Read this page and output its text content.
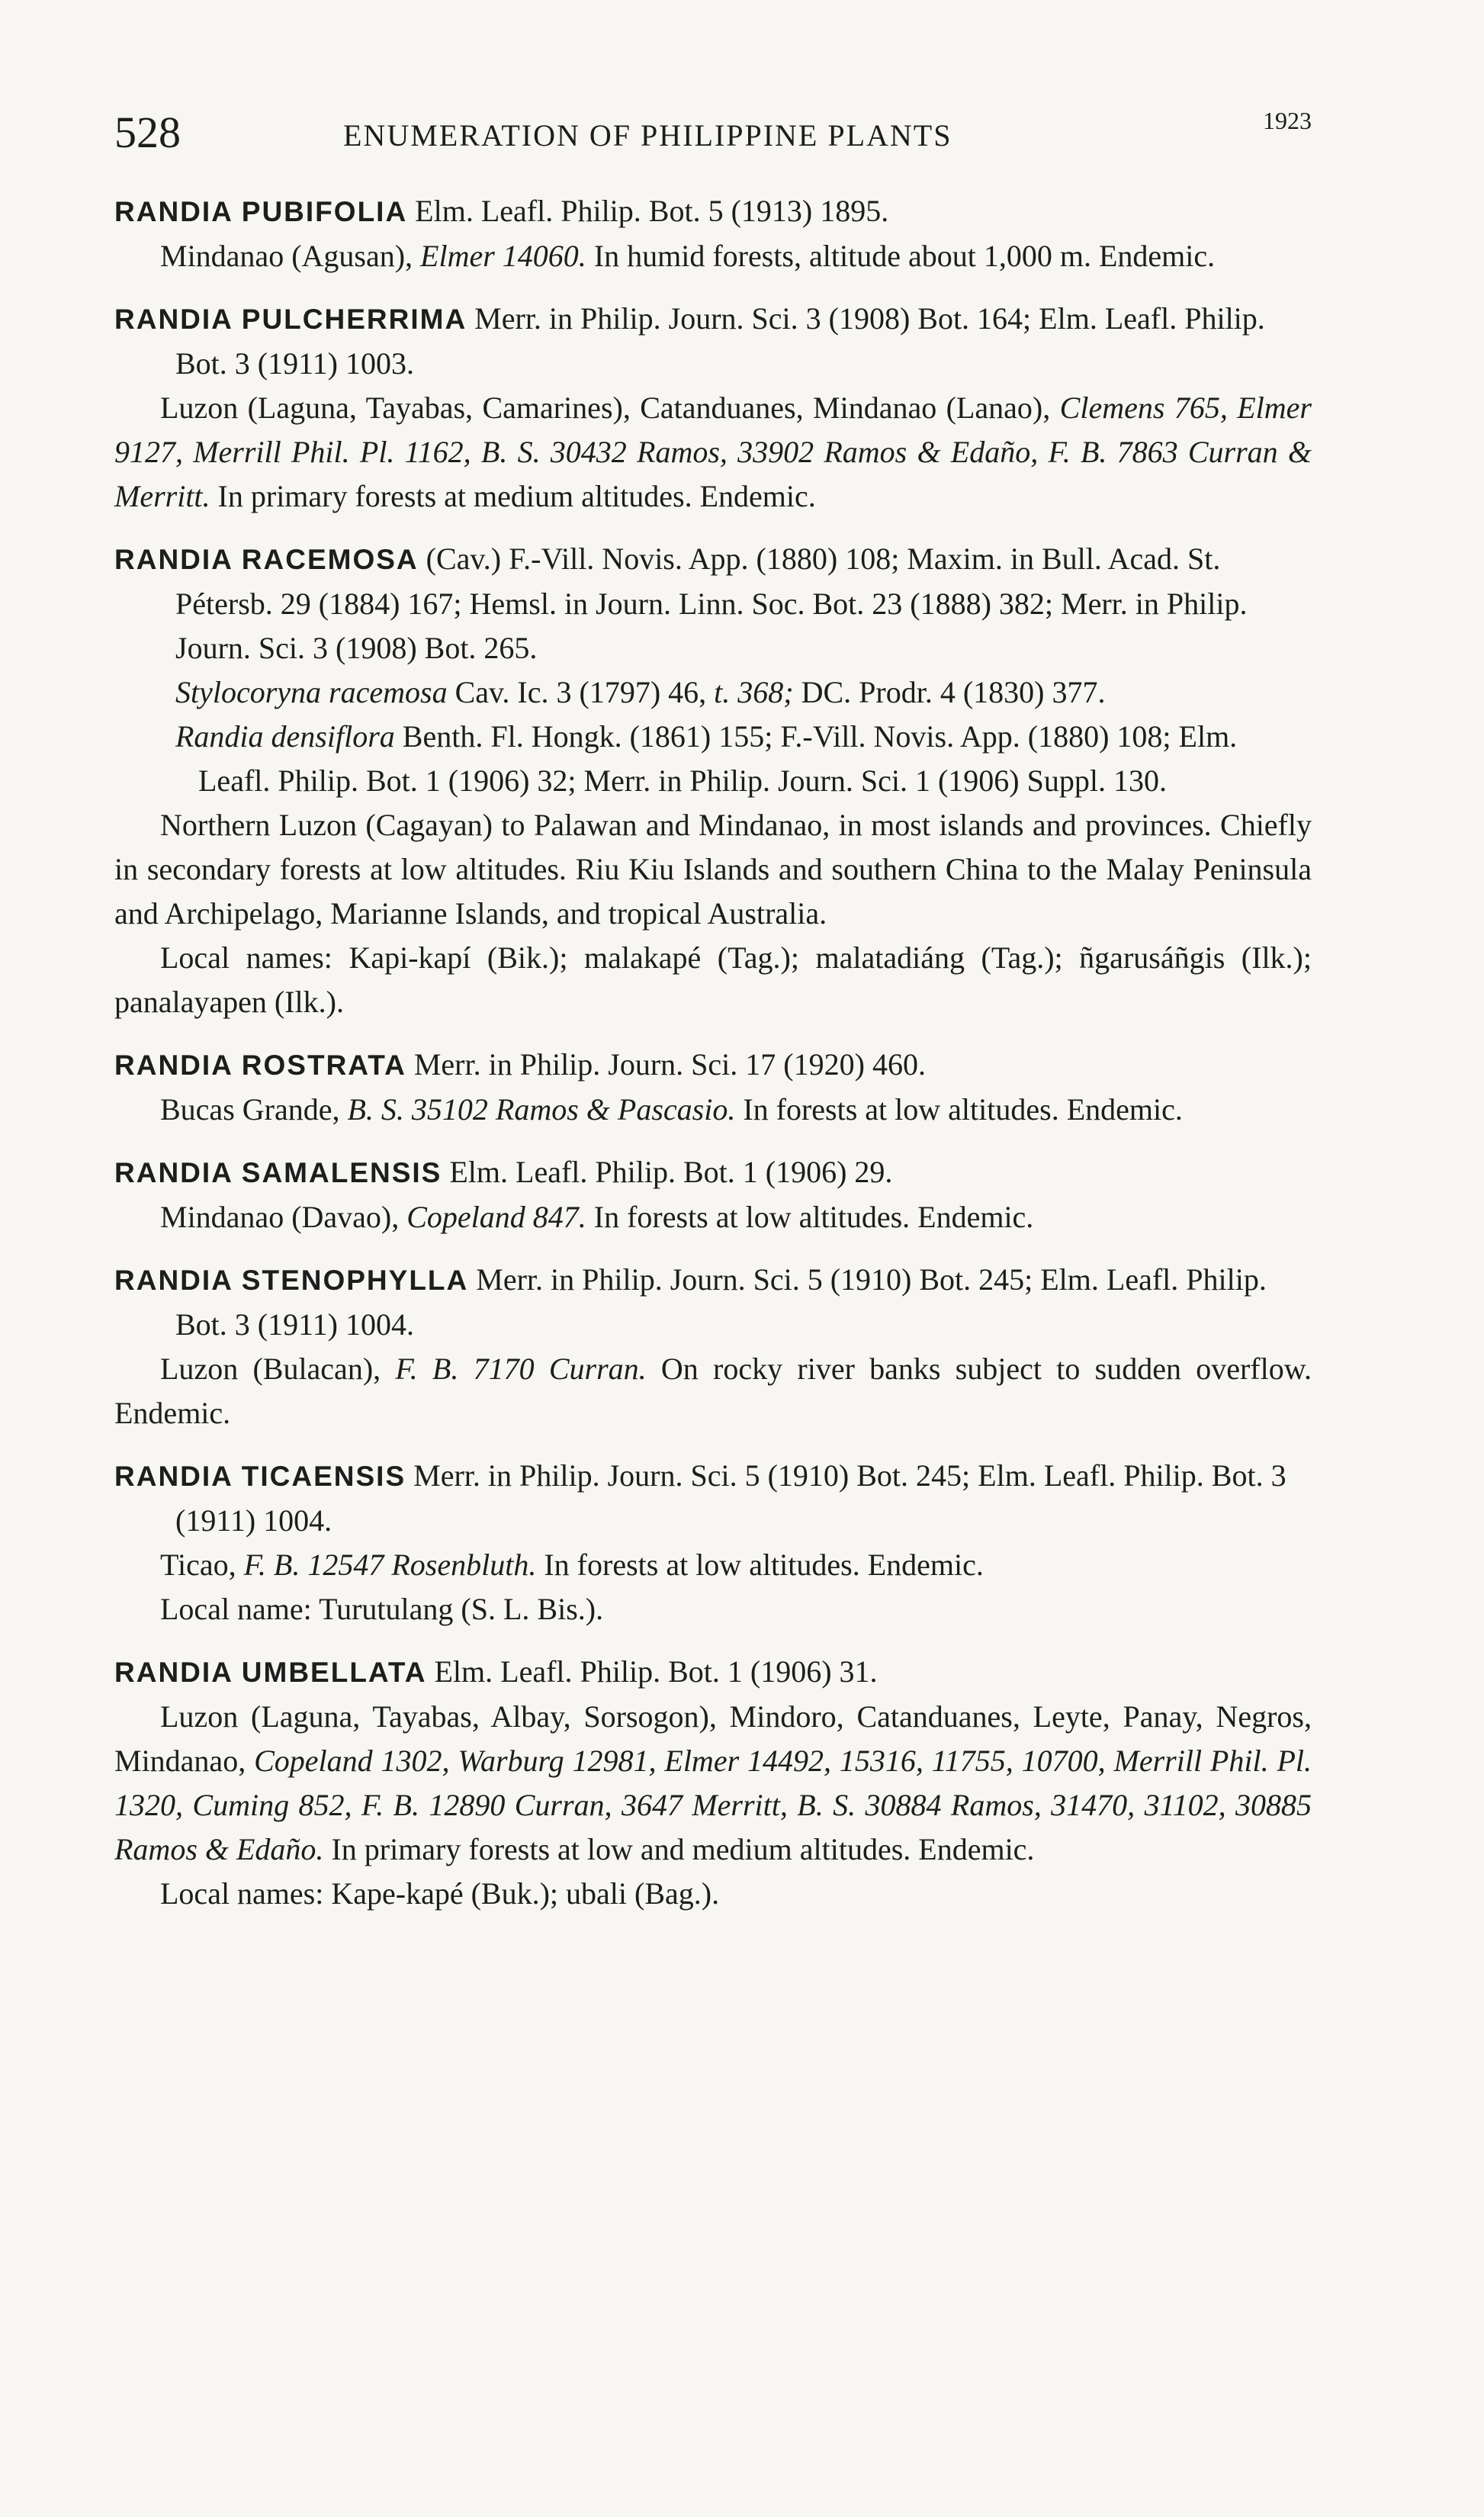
528	ENUMERATION OF PHILIPPINE PLANTS	1923
RANDIA PUBIFOLIA Elm. Leafl. Philip. Bot. 5 (1913) 1895.
Mindanao (Agusan), Elmer 14060. In humid forests, altitude about 1,000 m. Endemic.
RANDIA PULCHERRIMA Merr. in Philip. Journ. Sci. 3 (1908) Bot. 164; Elm. Leafl. Philip. Bot. 3 (1911) 1003.
Luzon (Laguna, Tayabas, Camarines), Catanduanes, Mindanao (Lanao), Clemens 765, Elmer 9127, Merrill Phil. Pl. 1162, B. S. 30432 Ramos, 33902 Ramos & Edaño, F. B. 7863 Curran & Merritt. In primary forests at medium altitudes. Endemic.
RANDIA RACEMOSA (Cav.) F.-Vill. Novis. App. (1880) 108; Maxim. in Bull. Acad. St. Pétersb. 29 (1884) 167; Hemsl. in Journ. Linn. Soc. Bot. 23 (1888) 382; Merr. in Philip. Journ. Sci. 3 (1908) Bot. 265.
Stylocoryna racemosa Cav. Ic. 3 (1797) 46, t. 368; DC. Prodr. 4 (1830) 377.
Randia densiflora Benth. Fl. Hongk. (1861) 155; F.-Vill. Novis. App. (1880) 108; Elm. Leafl. Philip. Bot. 1 (1906) 32; Merr. in Philip. Journ. Sci. 1 (1906) Suppl. 130.
Northern Luzon (Cagayan) to Palawan and Mindanao, in most islands and provinces. Chiefly in secondary forests at low altitudes. Riu Kiu Islands and southern China to the Malay Peninsula and Archipelago, Marianne Islands, and tropical Australia.
Local names: Kapi-kapí (Bik.); malakapé (Tag.); malatadiáng (Tag.); ñgarusáñgis (Ilk.); panalayapen (Ilk.).
RANDIA ROSTRATA Merr. in Philip. Journ. Sci. 17 (1920) 460.
Bucas Grande, B. S. 35102 Ramos & Pascasio. In forests at low altitudes. Endemic.
RANDIA SAMALENSIS Elm. Leafl. Philip. Bot. 1 (1906) 29.
Mindanao (Davao), Copeland 847. In forests at low altitudes. Endemic.
RANDIA STENOPHYLLA Merr. in Philip. Journ. Sci. 5 (1910) Bot. 245; Elm. Leafl. Philip. Bot. 3 (1911) 1004.
Luzon (Bulacan), F. B. 7170 Curran. On rocky river banks subject to sudden overflow. Endemic.
RANDIA TICAENSIS Merr. in Philip. Journ. Sci. 5 (1910) Bot. 245; Elm. Leafl. Philip. Bot. 3 (1911) 1004.
Ticao, F. B. 12547 Rosenbluth. In forests at low altitudes. Endemic.
Local name: Turutulang (S. L. Bis.).
RANDIA UMBELLATA Elm. Leafl. Philip. Bot. 1 (1906) 31.
Luzon (Laguna, Tayabas, Albay, Sorsogon), Mindoro, Catanduanes, Leyte, Panay, Negros, Mindanao, Copeland 1302, Warburg 12981, Elmer 14492, 15316, 11755, 10700, Merrill Phil. Pl. 1320, Cuming 852, F. B. 12890 Curran, 3647 Merritt, B. S. 30884 Ramos, 31470, 31102, 30885 Ramos & Edaño. In primary forests at low and medium altitudes. Endemic.
Local names: Kape-kapé (Buk.); ubali (Bag.).
